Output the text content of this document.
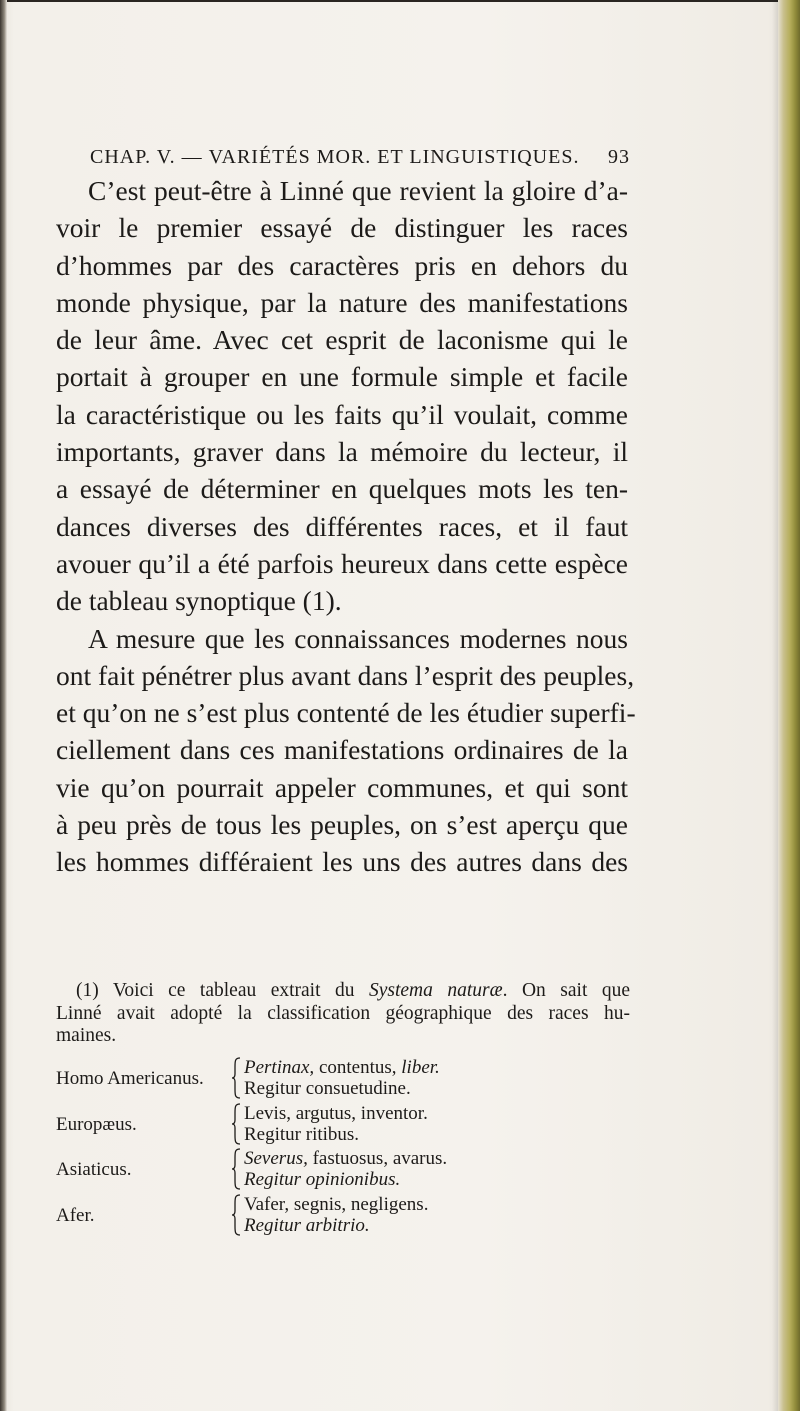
CHAP. V. — VARIÉTÉS MOR. ET LINGUISTIQUES. 93
C’est peut-être à Linné que revient la gloire d’a-
voir le premier essayé de distinguer les races
d’hommes par des caractères pris en dehors du
monde physique, par la nature des manifestations
de leur âme. Avec cet esprit de laconisme qui le
portait à grouper en une formule simple et facile
la caractéristique ou les faits qu’il voulait, comme
importants, graver dans la mémoire du lecteur, il
a essayé de déterminer en quelques mots les ten-
dances diverses des différentes races, et il faut
avouer qu’il a été parfois heureux dans cette espèce
de tableau synoptique (1).
A mesure que les connaissances modernes nous
ont fait pénétrer plus avant dans l’esprit des peuples,
et qu’on ne s’est plus contenté de les étudier superfi-
ciellement dans ces manifestations ordinaires de la
vie qu’on pourrait appeler communes, et qui sont
à peu près de tous les peuples, on s’est aperçu que
les hommes différaient les uns des autres dans des
(1) Voici ce tableau extrait du Systema naturæ. On sait que
Linné avait adopté la classification géographique des races hu-
maines.
Homo Americanus.
Pertinax, contentus, liber.
Regitur consuetudine.
Europæus.
Levis, argutus, inventor.
Regitur ritibus.
Asiaticus.
Severus, fastuosus, avarus.
Regitur opinionibus.
Afer.
Vafer, segnis, negligens.
Regitur arbitrio.
